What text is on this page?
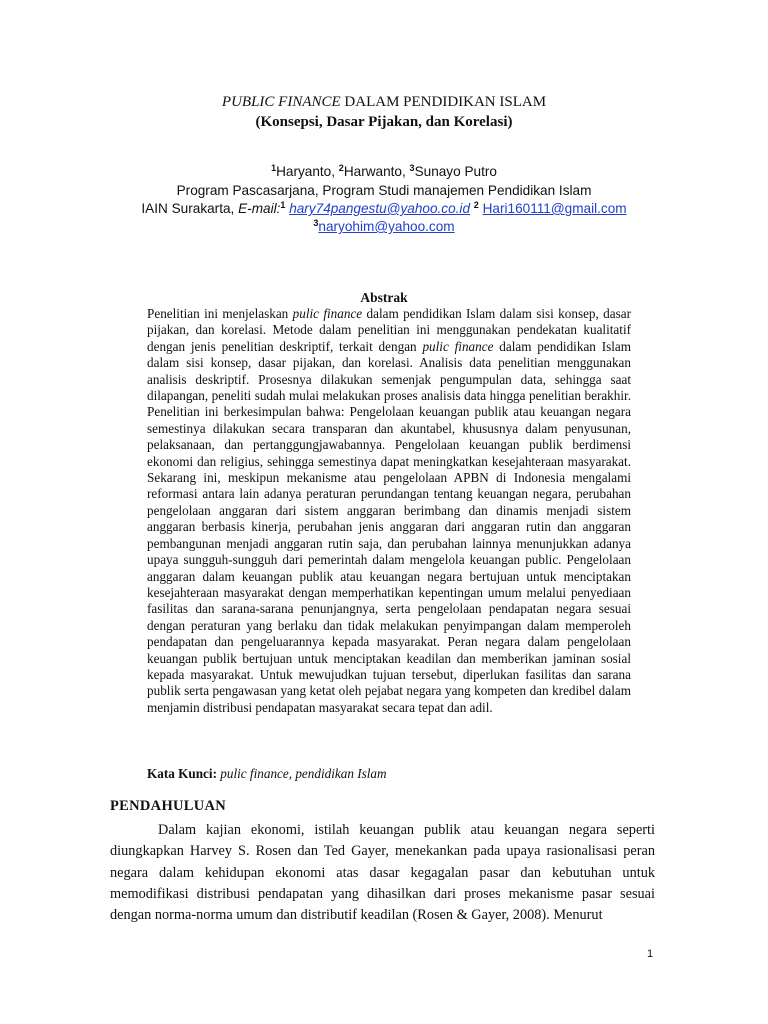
PUBLIC FINANCE DALAM PENDIDIKAN ISLAM
(Konsepsi, Dasar Pijakan, dan Korelasi)
$^1$Haryanto, $^2$Harwanto, $^3$Sunayo Putro
Program Pascasarjana, Program Studi manajemen Pendidikan Islam
IAIN Surakarta, E-mail:$^1$ hary74pangestu@yahoo.co.id $^2$ Hari160111@gmail.com
$^3$naryohim@yahoo.com
Abstrak

Penelitian ini menjelaskan pulic finance dalam pendidikan Islam dalam sisi konsep, dasar pijakan, dan korelasi. Metode dalam penelitian ini menggunakan pendekatan kualitatif dengan jenis penelitian deskriptif, terkait dengan pulic finance dalam pendidikan Islam dalam sisi konsep, dasar pijakan, dan korelasi. Analisis data penelitian menggunakan analisis deskriptif. Prosesnya dilakukan semenjak pengumpulan data, sehingga saat dilapangan, peneliti sudah mulai melakukan proses analisis data hingga penelitian berakhir. Penelitian ini berkesimpulan bahwa: Pengelolaan keuangan publik atau keuangan negara semestinya dilakukan secara transparan dan akuntabel, khususnya dalam penyusunan, pelaksanaan, dan pertanggungjawabannya. Pengelolaan keuangan publik berdimensi ekonomi dan religius, sehingga semestinya dapat meningkatkan kesejahteraan masyarakat. Sekarang ini, meskipun mekanisme atau pengelolaan APBN di Indonesia mengalami reformasi antara lain adanya peraturan perundangan tentang keuangan negara, perubahan pengelolaan anggaran dari sistem anggaran berimbang dan dinamis menjadi sistem anggaran berbasis kinerja, perubahan jenis anggaran dari anggaran rutin dan anggaran pembangunan menjadi anggaran rutin saja, dan perubahan lainnya menunjukkan adanya upaya sungguh-sungguh dari pemerintah dalam mengelola keuangan public. Pengelolaan anggaran dalam keuangan publik atau keuangan negara bertujuan untuk menciptakan kesejahteraan masyarakat dengan memperhatikan kepentingan umum melalui penyediaan fasilitas dan sarana-sarana penunjangnya, serta pengelolaan pendapatan negara sesuai dengan peraturan yang berlaku dan tidak melakukan penyimpangan dalam memperoleh pendapatan dan pengeluarannya kepada masyarakat. Peran negara dalam pengelolaan keuangan publik bertujuan untuk menciptakan keadilan dan memberikan jaminan sosial kepada masyarakat. Untuk mewujudkan tujuan tersebut, diperlukan fasilitas dan sarana publik serta pengawasan yang ketat oleh pejabat negara yang kompeten dan kredibel dalam menjamin distribusi pendapatan masyarakat secara tepat dan adil.

Kata Kunci: pulic finance, pendidikan Islam

PENDAHULUAN

Dalam kajian ekonomi, istilah keuangan publik atau keuangan negara seperti diungkapkan Harvey S. Rosen dan Ted Gayer, menekankan pada upaya rasionalisasi peran negara dalam kehidupan ekonomi atas dasar kegagalan pasar dan kebutuhan untuk memodifikasi distribusi pendapatan yang dihasilkan dari proses mekanisme pasar sesuai dengan norma-norma umum dan distributif keadilan (Rosen & Gayer, 2008). Menurut

1
